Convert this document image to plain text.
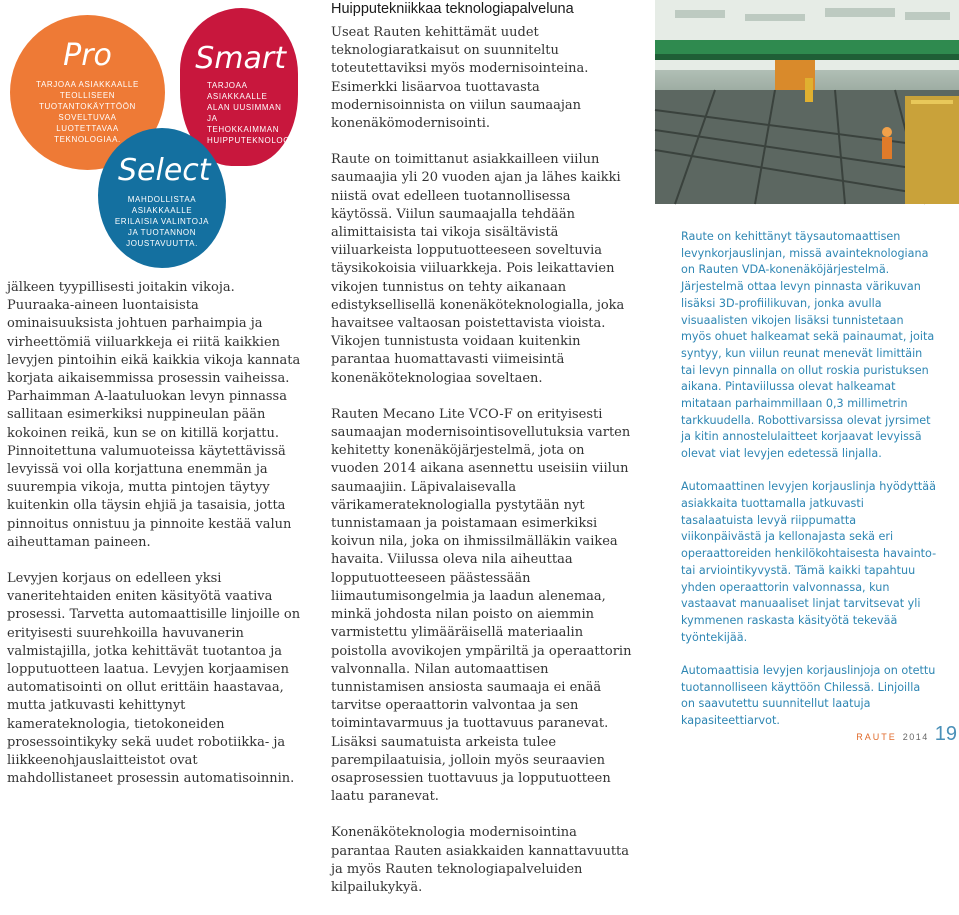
Pro
TARJOAA ASIAKKAALLE TEOLLISEEN TUOTANTOKÄYTTÖÖN SOVELTUVAA LUOTETTAVAA TEKNOLOGIAA.
Smart
TARJOAA ASIAKKAALLE ALAN UUSIMMAN JA TEHOKKAIMMAN HUIPPUTEKNOLOGIAN.
Select
MAHDOLLISTAA ASIAKKAALLE ERILAISIA VALINTOJA JA TUOTANNON JOUSTAVUUTTA.

jälkeen tyypillisesti joitakin vikoja. Puuraaka-aineen luontaisista ominaisuuksista johtuen parhaimpia ja virheettömiä viiluarkkeja ei riitä kaikkien levyjen pintoihin eikä kaikkia vikoja kannata korjata aikaisemmissa prosessin vaiheissa. Parhaimman A-laatuluokan levyn pinnassa sallitaan esimerkiksi nuppineulan pään kokoinen reikä, kun se on kitillä korjattu. Pinnoitettuna valumuoteissa käytettävissä levyissä voi olla korjattuna enemmän ja suurempia vikoja, mutta pintojen täytyy kuitenkin olla täysin ehjiä ja tasaisia, jotta pinnoitus onnistuu ja pinnoite kestää valun aiheuttaman paineen.

Levyjen korjaus on edelleen yksi vaneritehtaiden eniten käsityötä vaativa prosessi. Tarvetta automaattisille linjoille on erityisesti suurehkoilla havuvanerin valmistajilla, jotka kehittävät tuotantoa ja lopputuotteen laatua. Levyjen korjaamisen automatisointi on ollut erittäin haastavaa, mutta jatkuvasti kehittynyt kamerateknologia, tietokoneiden prosessointikyky sekä uudet robotiikka- ja liikkeenohjauslaitteistot ovat mahdollistaneet prosessin automatisoinnin.

Huipputekniikkaa teknologiapalveluna

Useat Rauten kehittämät uudet teknologiaratkaisut on suunniteltu toteutettaviksi myös modernisointeina. Esimerkki lisäarvoa tuottavasta modernisoinnista on viilun saumaajan konenäkömodernisointi.

Raute on toimittanut asiakkailleen viilun saumaajia yli 20 vuoden ajan ja lähes kaikki niistä ovat edelleen tuotannollisessa käytössä. Viilun saumaajalla tehdään alimittaisista tai vikoja sisältävistä viiluarkeista lopputuotteeseen soveltuvia täysikokoisia viiluarkkeja. Pois leikattavien vikojen tunnistus on tehty aikanaan edistyksellisellä konenäköteknologialla, joka havaitsee valtaosan poistettavista vioista. Vikojen tunnistusta voidaan kuitenkin parantaa huomattavasti viimeisintä konenäköteknologiaa soveltaen.

Rauten Mecano Lite VCO-F on erityisesti saumaajan modernisointisovellutuksia varten kehitetty konenäköjärjestelmä, jota on vuoden 2014 aikana asennettu useisiin viilun saumaajiin. Läpivalaisevalla värikamerateknologialla pystytään nyt tunnistamaan ja poistamaan esimerkiksi koivun nila, joka on ihmissilmälläkin vaikea havaita. Viilussa oleva nila aiheuttaa lopputuotteeseen päästessään liimautumisongelmia ja laadun alenemaa, minkä johdosta nilan poisto on aiemmin varmistettu ylimääräisellä materiaalin poistolla avovikojen ympäriltä ja operaattorin valvonnalla. Nilan automaattisen tunnistamisen ansiosta saumaaja ei enää tarvitse operaattorin valvontaa ja sen toimintavarmuus ja tuottavuus paranevat. Lisäksi saumatuista arkeista tulee parempilaatuisia, jolloin myös seuraavien osaprosessien tuottavuus ja lopputuotteen laatu paranevat.

Konenäköteknologia modernisointina parantaa Rauten asiakkaiden kannattavuutta ja myös Rauten teknologiapalveluiden kilpailukykyä.

Raute on kehittänyt täysautomaattisen levynkorjauslinjan, missä avainteknologiana on Rauten VDA-konenäköjärjestelmä. Järjestelmä ottaa levyn pinnasta värikuvan lisäksi 3D-profiilikuvan, jonka avulla visuaalisten vikojen lisäksi tunnistetaan myös ohuet halkeamat sekä painaumat, joita syntyy, kun viilun reunat menevät limittäin tai levyn pinnalla on ollut roskia puristuksen aikana. Pintaviilussa olevat halkeamat mitataan parhaimmillaan 0,3 millimetrin tarkkuudella. Robottivarsissa olevat jyrsimet ja kitin annostelulaitteet korjaavat levyissä olevat viat levyjen edetessä linjalla.

Automaattinen levyjen korjauslinja hyödyttää asiakkaita tuottamalla jatkuvasti tasalaatuista levyä riippumatta viikonpäivästä ja kellonajasta sekä eri operaattoreiden henkilökohtaisesta havainto- tai arviointikyvystä. Tämä kaikki tapahtuu yhden operaattorin valvonnassa, kun vastaavat manuaaliset linjat tarvitsevat yli kymmenen raskasta käsityötä tekevää työntekijää.

Automaattisia levyjen korjauslinjoja on otettu tuotannolliseen käyttöön Chilessä. Linjoilla on saavutettu suunnitellut laatuja kapasiteettiarvot.

RAUTE 2014 19
